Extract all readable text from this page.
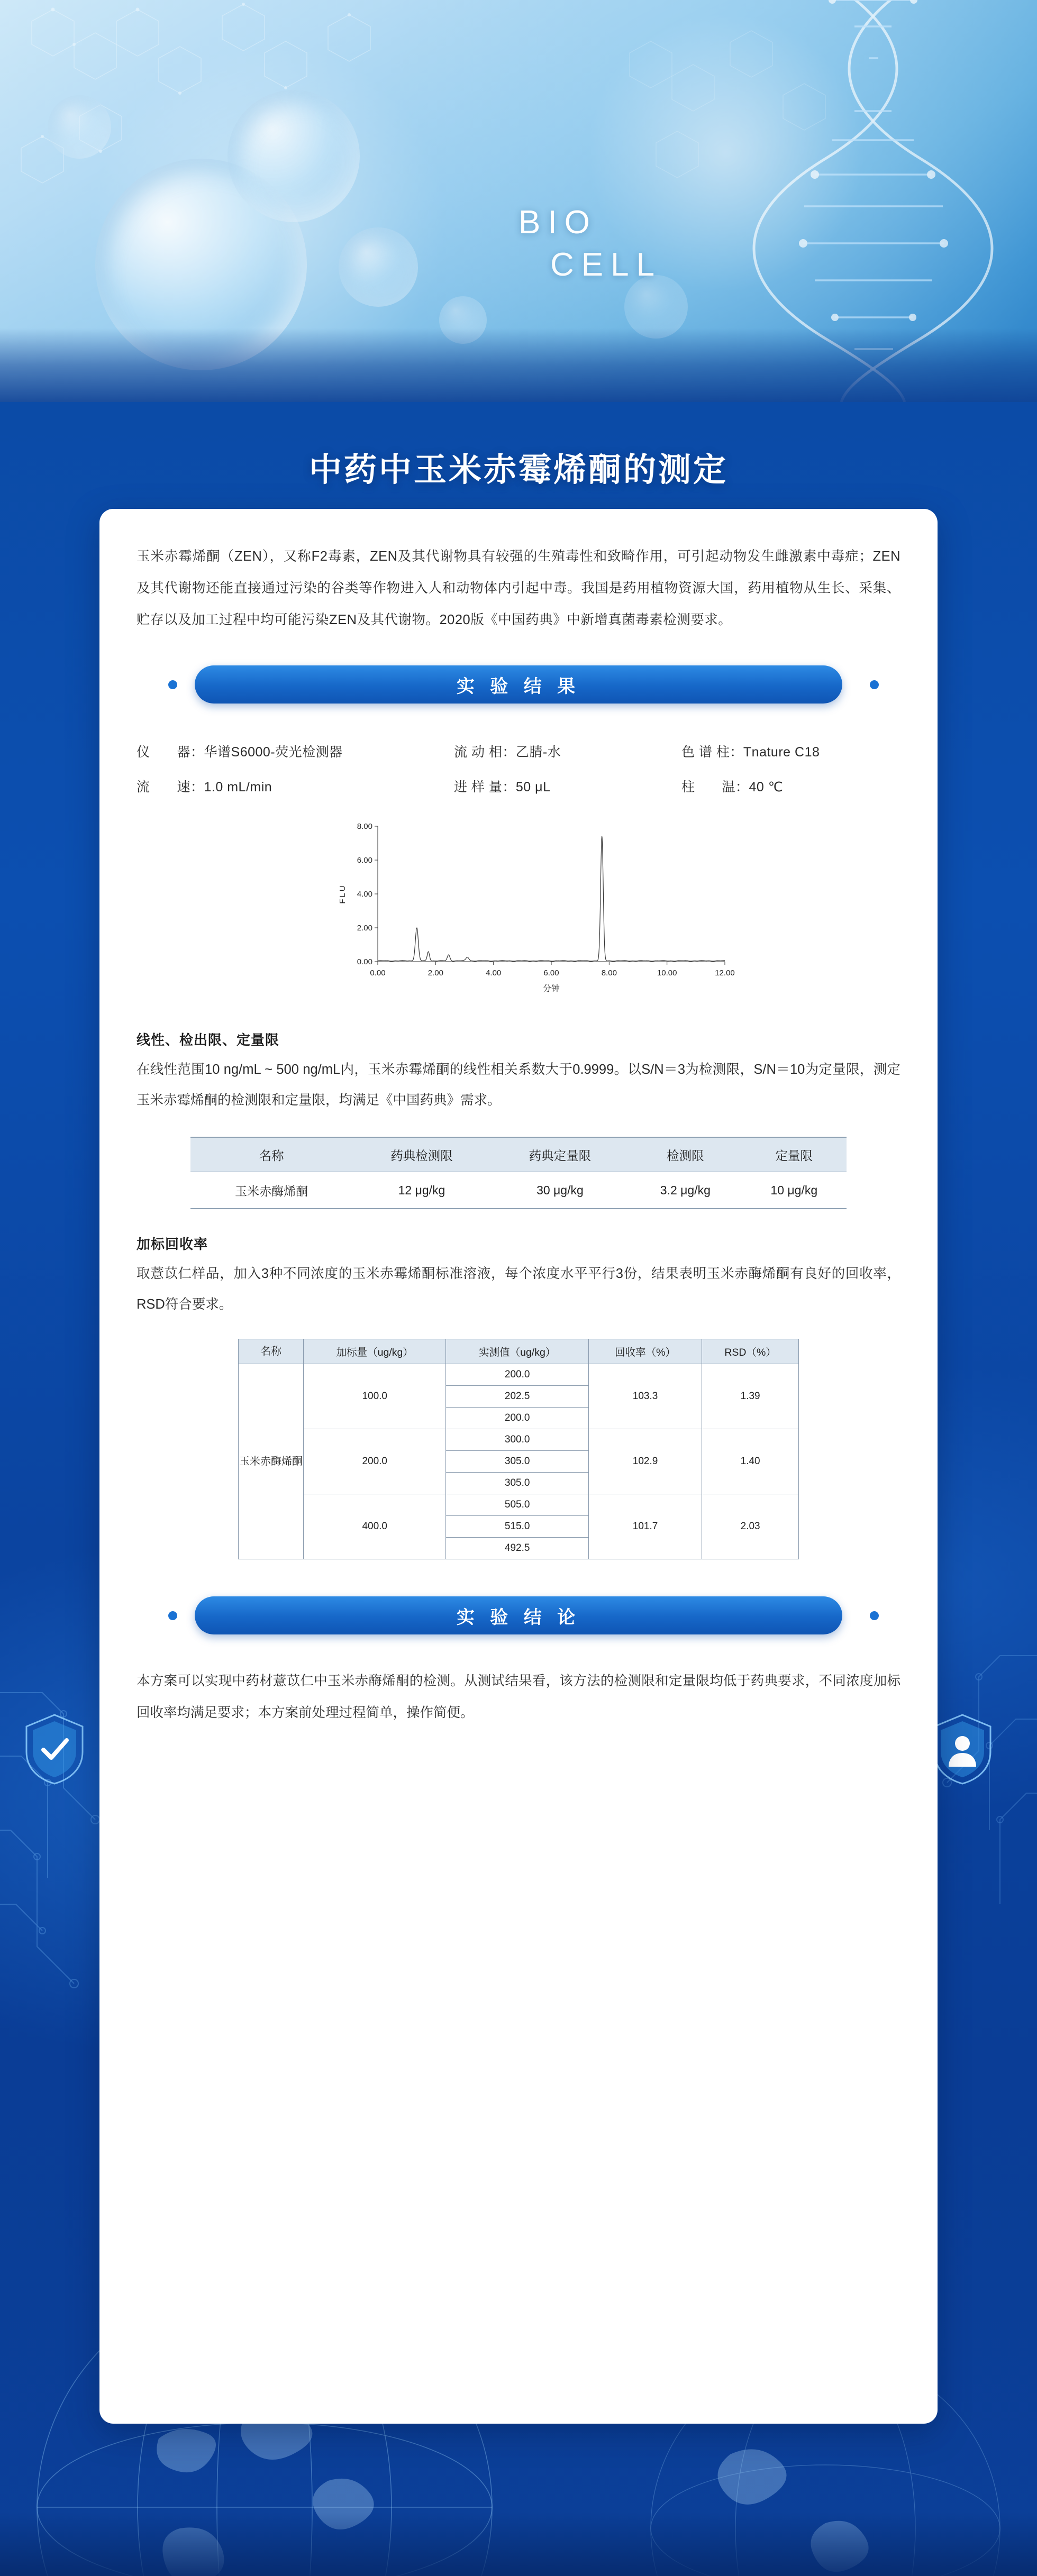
BIO
CELL
中药中玉米赤霉烯酮的测定
玉米赤霉烯酮（ZEN），又称F2毒素，ZEN及其代谢物具有较强的生殖毒性和致畸作用，可引起动物发生雌激素中毒症；ZEN及其代谢物还能直接通过污染的谷类等作物进入人和动物体内引起中毒。我国是药用植物资源大国，药用植物从生长、采集、贮存以及加工过程中均可能污染ZEN及其代谢物。2020版《中国药典》中新增真菌毒素检测要求。
实 验 结 果
仪　　器：华谱S6000-荧光检测器	流 动 相：乙腈-水	色 谱 柱：Tnature C18
流　　速：1.0 mL/min	进 样 量：50 μL	柱　　温：40 ℃
0.00
2.00
4.00
6.00
8.00
0.00	2.00	4.00	6.00	8.00	10.00	12.00
分钟
FLU
线性、检出限、定量限
在线性范围10 ng/mL ~ 500 ng/mL内，玉米赤霉烯酮的线性相关系数大于0.9999。以S/N＝3为检测限，S/N＝10为定量限，测定玉米赤霉烯酮的检测限和定量限，均满足《中国药典》需求。
名称	药典检测限	药典定量限	检测限	定量限
玉米赤酶烯酮	12 μg/kg	30 μg/kg	3.2 μg/kg	10 μg/kg
加标回收率
取薏苡仁样品，加入3种不同浓度的玉米赤霉烯酮标准溶液，每个浓度水平平行3份，结果表明玉米赤酶烯酮有良好的回收率，RSD符合要求。
名称	加标量（ug/kg）	实测值（ug/kg）	回收率（%）	RSD（%）
玉米赤酶烯酮	100.0	200.0	103.3	1.39
		202.5		
		200.0		
	200.0	300.0	102.9	1.40
		305.0		
		305.0		
	400.0	505.0	101.7	2.03
		515.0		
		492.5		
实 验 结 论
本方案可以实现中药材薏苡仁中玉米赤酶烯酮的检测。从测试结果看，该方法的检测限和定量限均低于药典要求，不同浓度加标回收率均满足要求；本方案前处理过程简单，操作简便。
